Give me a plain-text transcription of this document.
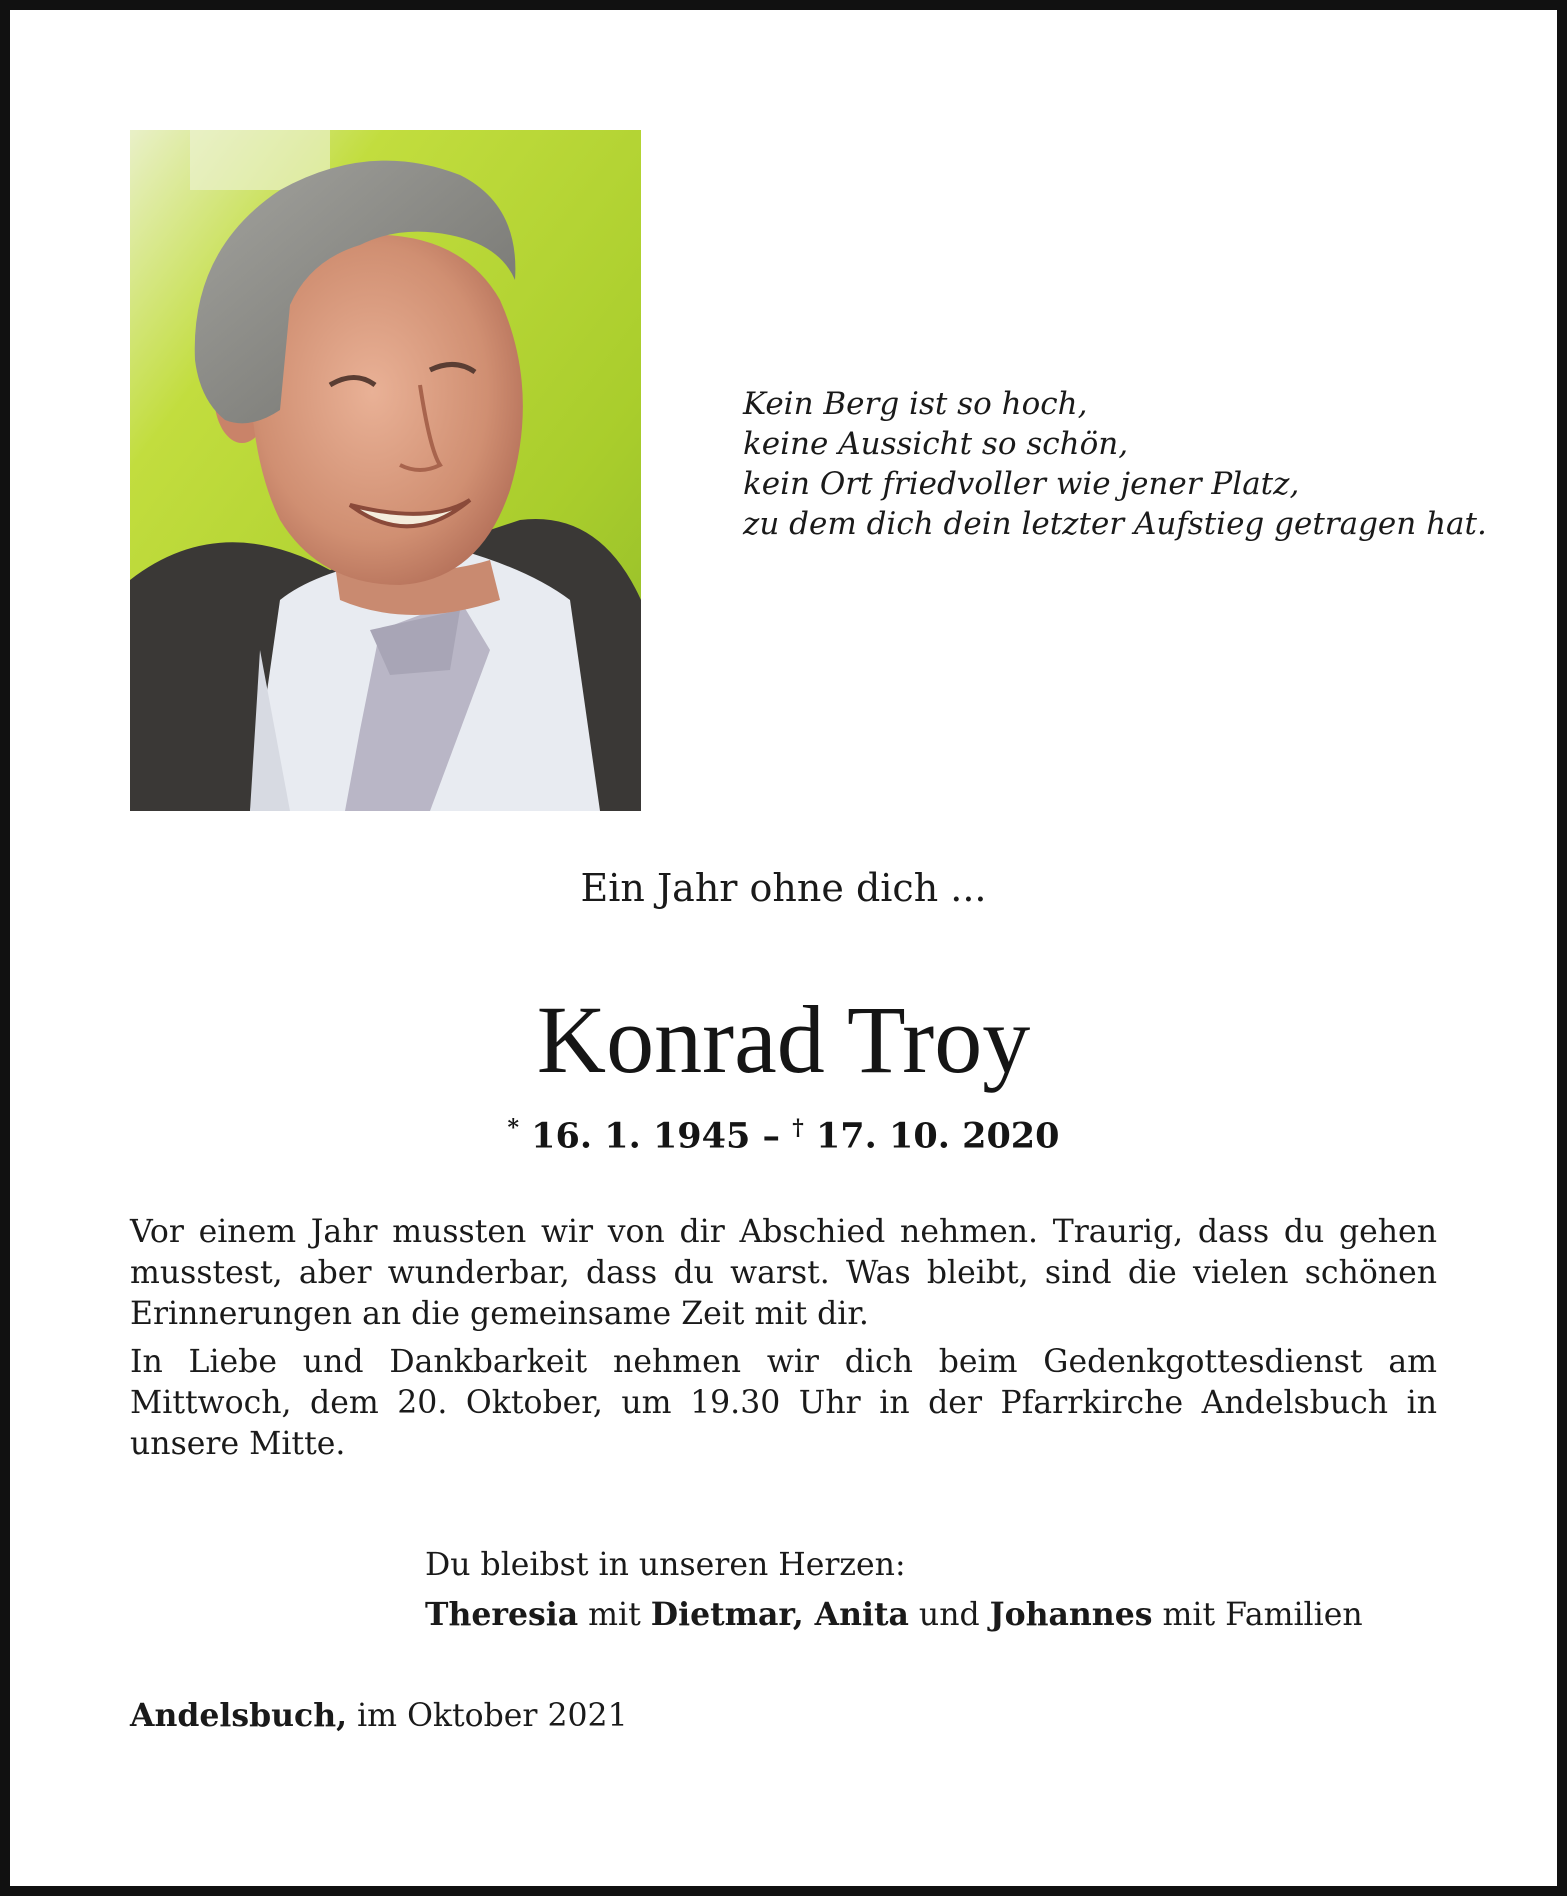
Kein Berg ist so hoch,
keine Aussicht so schön,
kein Ort friedvoller wie jener Platz,
zu dem dich dein letzter Aufstieg getragen hat.
Ein Jahr ohne dich ...
Konrad Troy
* 16. 1. 1945 – † 17. 10. 2020

Vor einem Jahr mussten wir von dir Abschied nehmen. Traurig, dass du gehen musstest, aber wunderbar, dass du warst. Was bleibt, sind die vielen schönen Erinnerungen an die gemeinsame Zeit mit dir.

In Liebe und Dankbarkeit nehmen wir dich beim Gedenkgottesdienst am Mittwoch, dem 20. Oktober, um 19.30 Uhr in der Pfarrkirche Andelsbuch in unsere Mitte.

Du bleibst in unseren Herzen:
Theresia mit Dietmar, Anita und Johannes mit Familien
Andelsbuch, im Oktober 2021
